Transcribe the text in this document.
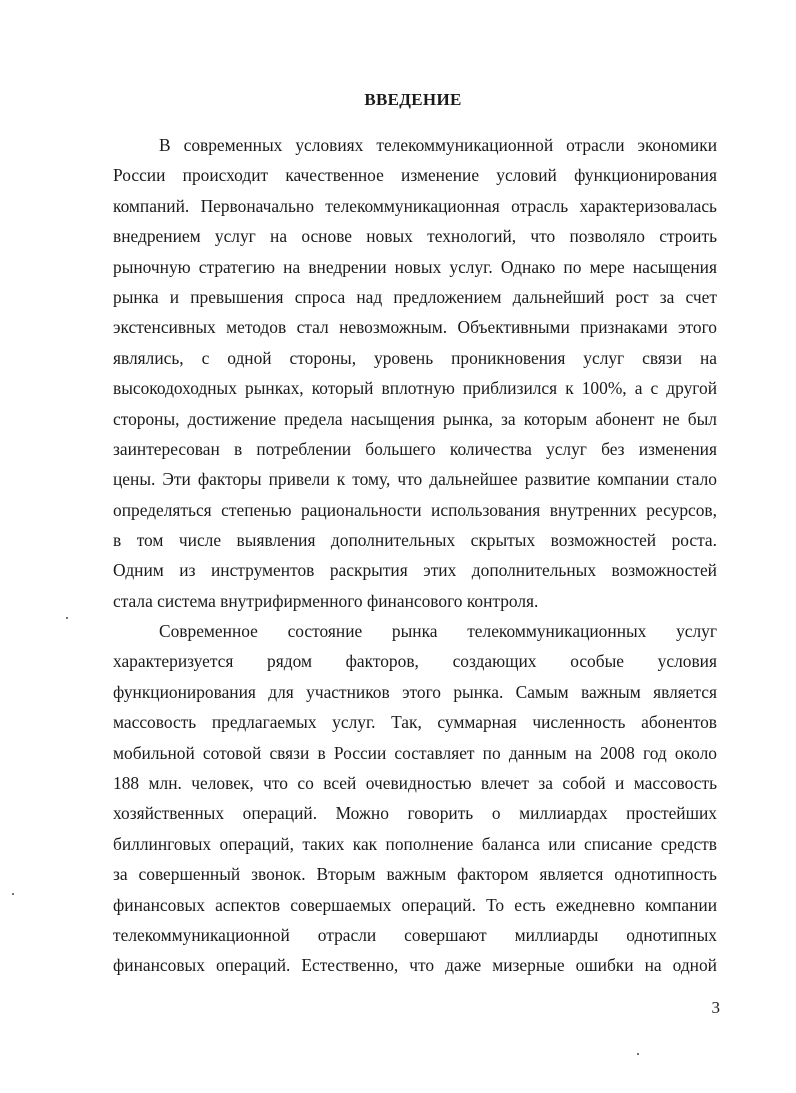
ВВЕДЕНИЕ
В современных условиях телекоммуникационной отрасли экономики
России происходит качественное изменение условий функционирования
компаний. Первоначально телекоммуникационная отрасль характеризовалась
внедрением услуг на основе новых технологий, что позволяло строить
рыночную стратегию на внедрении новых услуг. Однако по мере насыщения
рынка и превышения спроса над предложением дальнейший рост за счет
экстенсивных методов стал невозможным. Объективными признаками этого
являлись, с одной стороны, уровень проникновения услуг связи на
высокодоходных рынках, который вплотную приблизился к 100%, а с другой
стороны, достижение предела насыщения рынка, за которым абонент не был
заинтересован в потреблении большего количества услуг без изменения
цены. Эти факторы привели к тому, что дальнейшее развитие компании стало
определяться степенью рациональности использования внутренних ресурсов,
в том числе выявления дополнительных скрытых возможностей роста.
Одним из инструментов раскрытия этих дополнительных возможностей
стала система внутрифирменного финансового контроля.
Современное состояние рынка телекоммуникационных услуг
характеризуется рядом факторов, создающих особые условия
функционирования для участников этого рынка. Самым важным является
массовость предлагаемых услуг. Так, суммарная численность абонентов
мобильной сотовой связи в России составляет по данным на 2008 год около
188 млн. человек, что со всей очевидностью влечет за собой и массовость
хозяйственных операций. Можно говорить о миллиардах простейших
биллинговых операций, таких как пополнение баланса или списание средств
за совершенный звонок. Вторым важным фактором является однотипность
финансовых аспектов совершаемых операций. То есть ежедневно компании
телекоммуникационной отрасли совершают миллиарды однотипных
финансовых операций. Естественно, что даже мизерные ошибки на одной
3
